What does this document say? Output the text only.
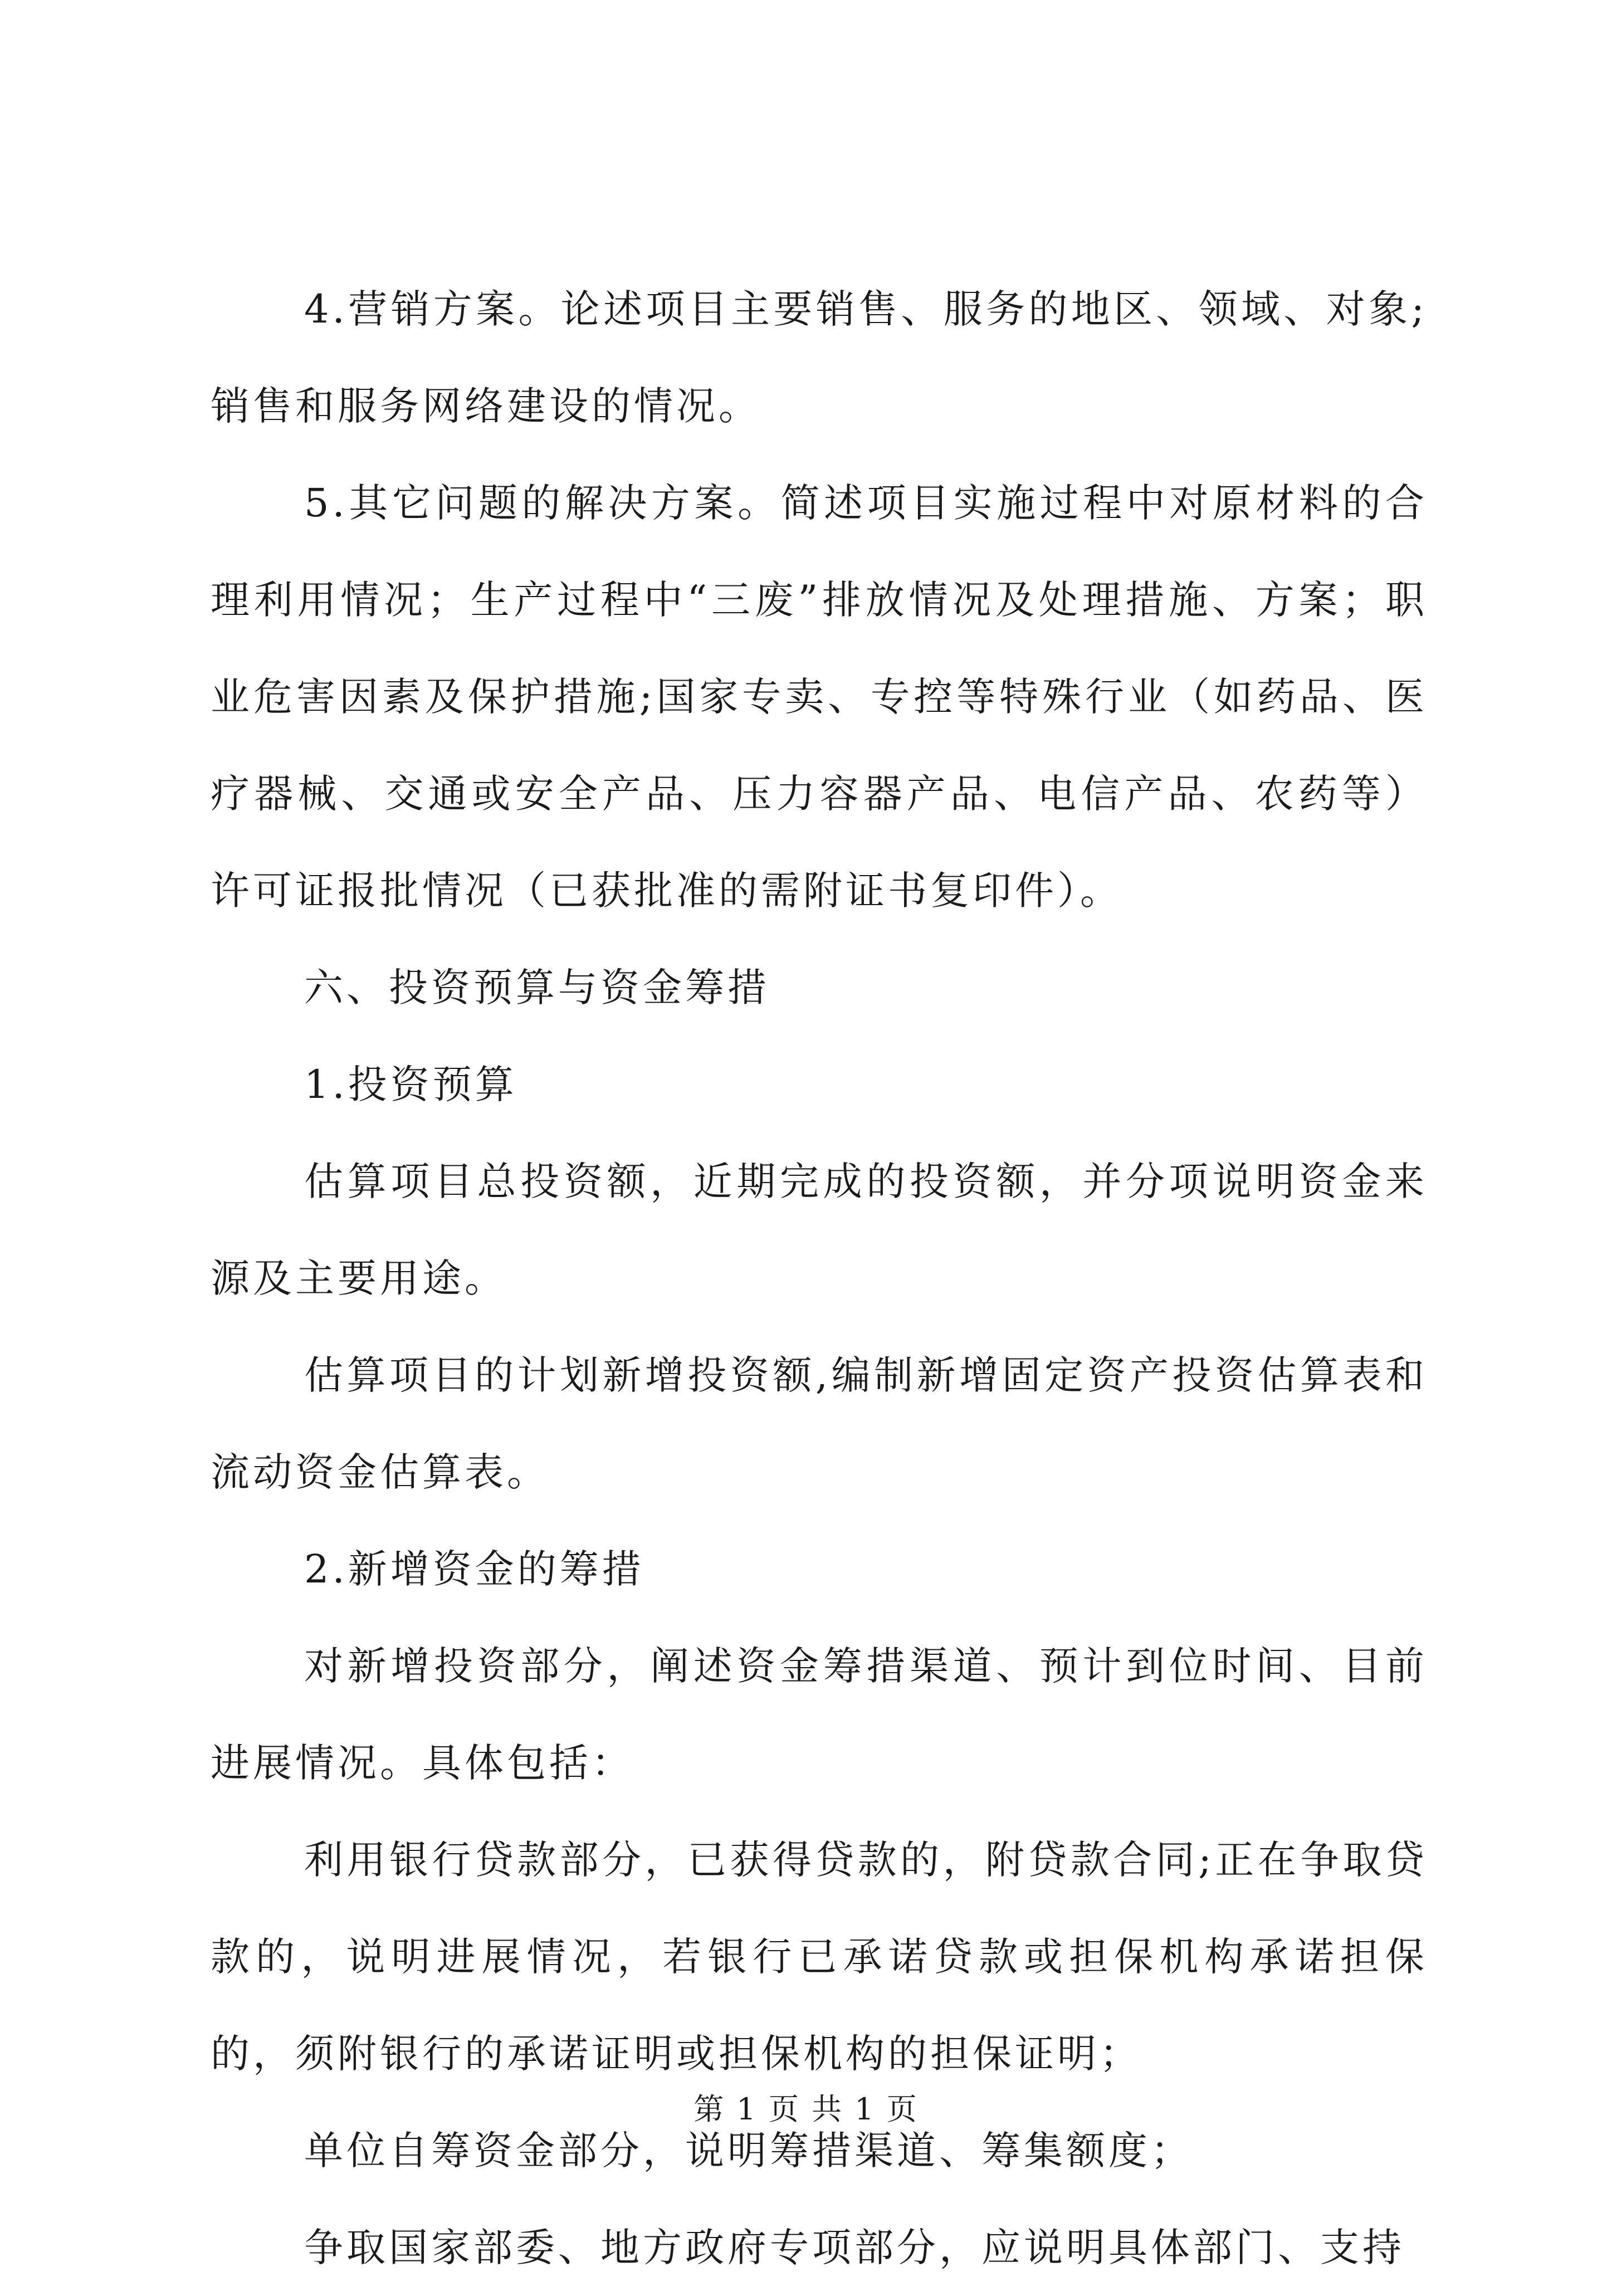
4.营销方案。论述项目主要销售、服务的地区、领域、对象;销售和服务网络建设的情况。

5.其它问题的解决方案。简述项目实施过程中对原材料的合理利用情况；生产过程中“三废”排放情况及处理措施、方案；职业危害因素及保护措施;国家专卖、专控等特殊行业（如药品、医疗器械、交通或安全产品、压力容器产品、电信产品、农药等）许可证报批情况（已获批准的需附证书复印件）。

六、投资预算与资金筹措

1.投资预算

估算项目总投资额，近期完成的投资额，并分项说明资金来源及主要用途。

估算项目的计划新增投资额,编制新增固定资产投资估算表和流动资金估算表。

2.新增资金的筹措

对新增投资部分，阐述资金筹措渠道、预计到位时间、目前进展情况。具体包括：

利用银行贷款部分，已获得贷款的，附贷款合同;正在争取贷款的，说明进展情况，若银行已承诺贷款或担保机构承诺担保的，须附银行的承诺证明或担保机构的担保证明；

单位自筹资金部分，说明筹措渠道、筹集额度；

争取国家部委、地方政府专项部分，应说明具体部门、支持

第 1 页 共 1 页
